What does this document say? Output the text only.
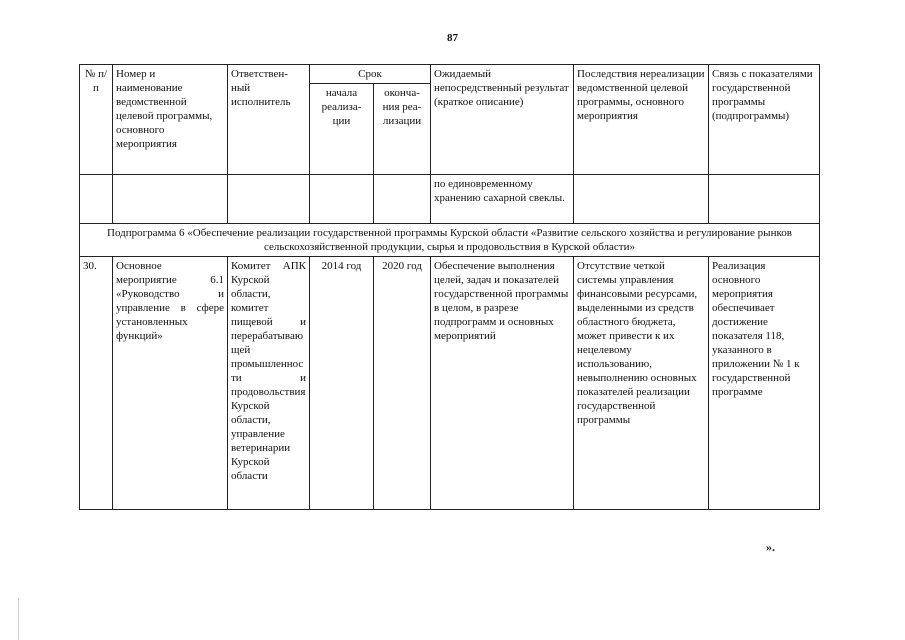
87
№ п/п	Номер и наименование ведомственной целевой программы, основного мероприятия	Ответствен-ный исполнитель	Срок		Ожидаемый непосредственный результат (краткое описание)	Последствия нереализации ведомственной целевой программы, основного мероприятия	Связь с показателями государственной программы (подпрограммы)
			начала реализа-ции	оконча-ния реа-лизации			
					по единовременному хранению сахарной свеклы.		
Подпрограмма 6 «Обеспечение реализации государственной программы Курской области «Развитие сельского хозяйства и регулирование рынков сельскохозяйственной продукции, сырья и продовольствия в Курской области»							
30.	Основное мероприятие 6.1 «Руководство и управление в сфере установленных функций»	Комитет АПК Курской области, комитет пищевой и перерабатывающей промышленности и продовольствия Курской области, управление ветеринарии Курской области	2014 год	2020 год	Обеспечение выполнения целей, задач и показателей государственной программы в целом, в разрезе подпрограмм и основных мероприятий	Отсутствие четкой системы управления финансовыми ресурсами, выделенными из средств областного бюджета, может привести к их нецелевому использованию, невыполнению основных показателей реализации государственной программы	Реализация основного мероприятия обеспечивает достижение показателя 118, указанного в приложении № 1 к государственной программе
».
